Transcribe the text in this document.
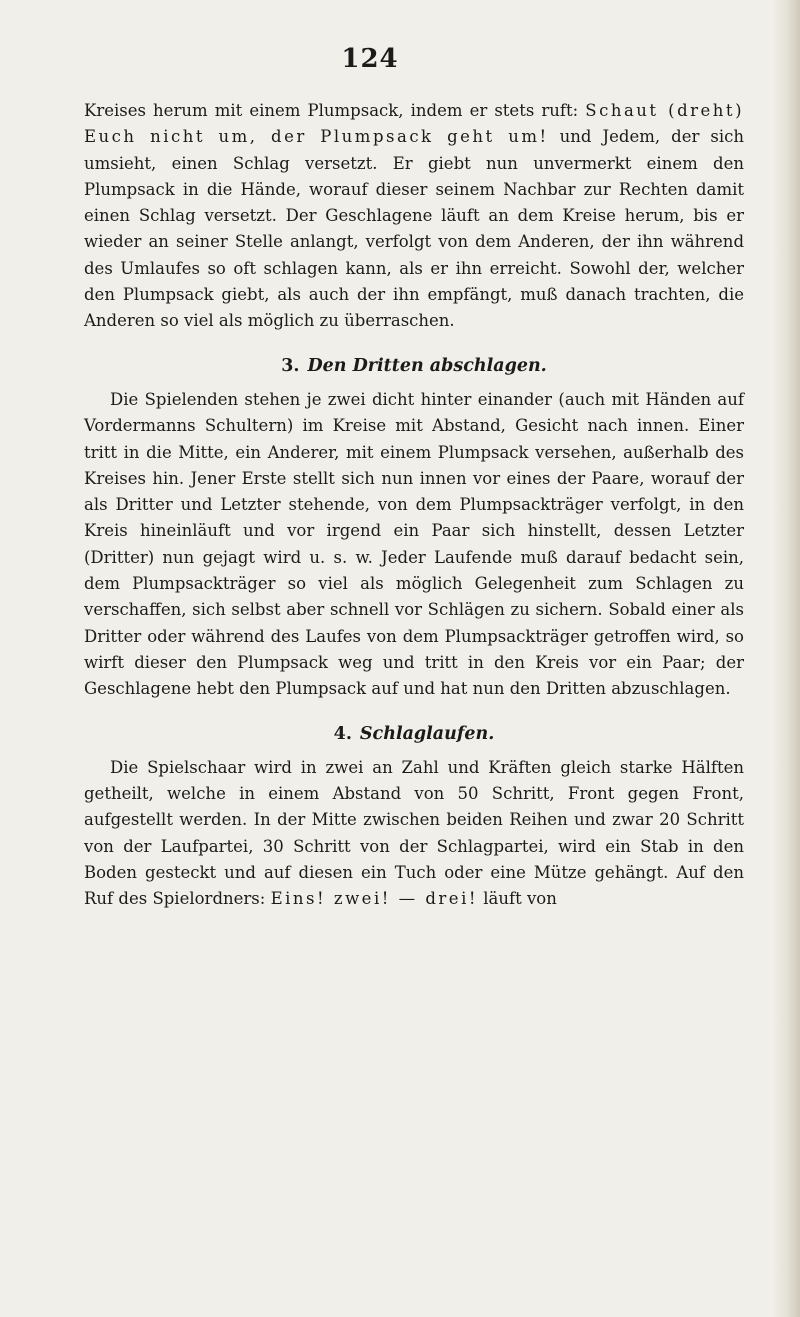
124

Kreises herum mit einem Plumpsack, indem er stets ruft: Schaut (dreht) Euch nicht um, der Plumpsack geht um! und Jedem, der sich umsieht, einen Schlag versetzt. Er giebt nun unvermerkt einem den Plumpsack in die Hände, worauf dieser seinem Nachbar zur Rechten damit einen Schlag versetzt. Der Geschlagene läuft an dem Kreise herum, bis er wieder an seiner Stelle anlangt, verfolgt von dem Anderen, der ihn während des Umlaufes so oft schlagen kann, als er ihn erreicht. Sowohl der, welcher den Plumpsack giebt, als auch der ihn empfängt, muß danach trachten, die Anderen so viel als möglich zu überraschen.

3. Den Dritten abschlagen.

Die Spielenden stehen je zwei dicht hinter einander (auch mit Händen auf Vordermanns Schultern) im Kreise mit Abstand, Gesicht nach innen. Einer tritt in die Mitte, ein Anderer, mit einem Plumpsack versehen, außerhalb des Kreises hin. Jener Erste stellt sich nun innen vor eines der Paare, worauf der als Dritter und Letzter stehende, von dem Plumpsackträger verfolgt, in den Kreis hineinläuft und vor irgend ein Paar sich hinstellt, dessen Letzter (Dritter) nun gejagt wird u. s. w. Jeder Laufende muß darauf bedacht sein, dem Plumpsackträger so viel als möglich Gelegenheit zum Schlagen zu verschaffen, sich selbst aber schnell vor Schlägen zu sichern. Sobald einer als Dritter oder während des Laufes von dem Plumpsackträger getroffen wird, so wirft dieser den Plumpsack weg und tritt in den Kreis vor ein Paar; der Geschlagene hebt den Plumpsack auf und hat nun den Dritten abzuschlagen.

4. Schlaglaufen.

Die Spielschaar wird in zwei an Zahl und Kräften gleich starke Hälften getheilt, welche in einem Abstand von 50 Schritt, Front gegen Front, aufgestellt werden. In der Mitte zwischen beiden Reihen und zwar 20 Schritt von der Laufpartei, 30 Schritt von der Schlagpartei, wird ein Stab in den Boden gesteckt und auf diesen ein Tuch oder eine Mütze gehängt. Auf den Ruf des Spielordners: Eins! zwei! — drei! läuft von
